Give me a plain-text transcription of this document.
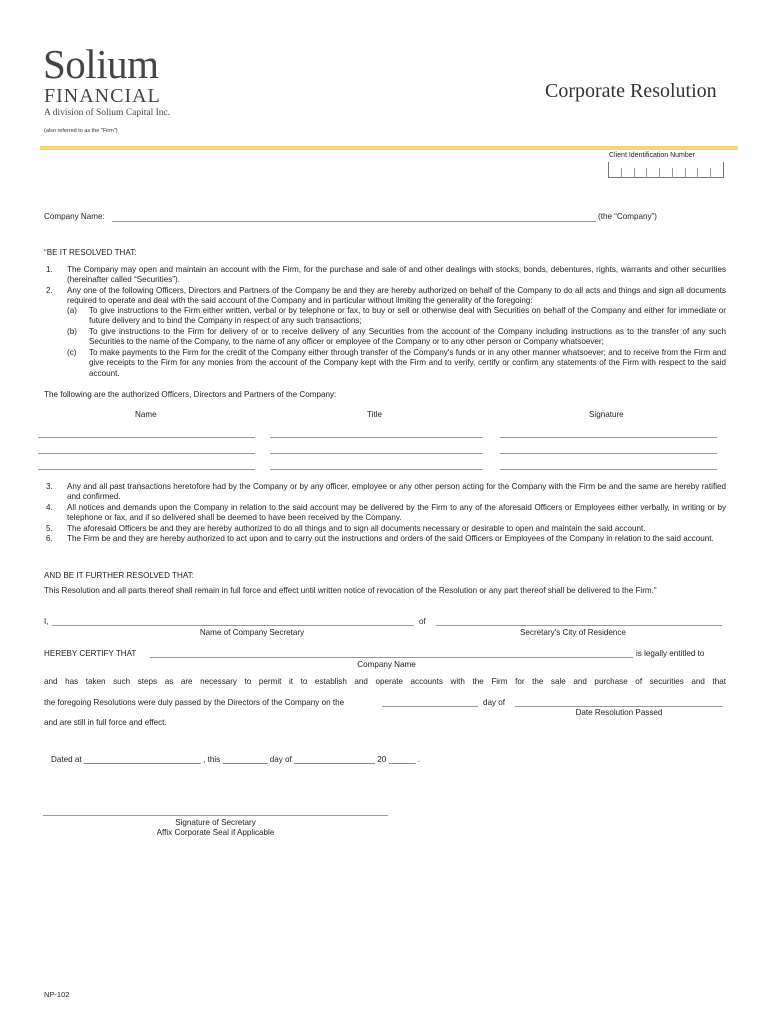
Solium
FINANCIAL
A division of Solium Capital Inc.
(also referred to as the "Firm")
Corporate Resolution
Client Identification Number
Company Name:	(the “Company”)
“BE IT RESOLVED THAT:
1. The Company may open and maintain an account with the Firm, for the purchase and sale of and other dealings with stocks, bonds, debentures, rights, warrants and other securities (hereinafter called “Securities”).
2. Any one of the following Officers, Directors and Partners of the Company be and they are hereby authorized on behalf of the Company to do all acts and things and sign all documents required to operate and deal with the said account of the Company and in particular without limiting the generality of the foregoing:
(a) To give instructions to the Firm either written, verbal or by telephone or fax, to buy or sell or otherwise deal with Securities on behalf of the Company and either for immediate or future delivery and to bind the Company in respect of any such transactions;
(b) To give instructions to the Firm for delivery of or to receive delivery of any Securities from the account of the Company including instructions as to the transfer of any such Securities to the name of the Company, to the name of any officer or employee of the Company or to any other person or Company whatsoever;
(c) To make payments to the Firm for the credit of the Company either through transfer of the Company's funds or in any other manner whatsoever; and to receive from the Firm and give receipts to the Firm for any monies from the account of the Company kept with the Firm and to verify, certify or confirm any statements of the Firm with respect to the said account.
The following are the authorized Officers, Directors and Partners of the Company:
Name	Title	Signature
3. Any and all past transactions heretofore had by the Company or by any officer, employee or any other person acting for the Company with the Firm be and the same are hereby ratified and confirmed.
4. All notices and demands upon the Company in relation to the said account may be delivered by the Firm to any of the aforesaid Officers or Employees either verbally, in writing or by telephone or fax, and if so delivered shall be deemed to have been received by the Company.
5. The aforesaid Officers be and they are hereby authorized to do all things and to sign all documents necessary or desirable to open and maintain the said account.
6. The Firm be and they are hereby authorized to act upon and to carry out the instructions and orders of the said Officers or Employees of the Company in relation to the said account.
AND BE IT FURTHER RESOLVED THAT:
This Resolution and all parts thereof shall remain in full force and effect until written notice of revocation of the Resolution or any part thereof shall be delivered to the Firm.”
I,	of
Name of Company Secretary	Secretary's City of Residence
HEREBY CERTIFY THAT	is legally entitled to
Company Name
and has taken such steps as are necessary to permit it to establish and operate accounts with the Firm for the sale and purchase of securities and that
the foregoing Resolutions were duly passed by the Directors of the Company on the	day of
Date Resolution Passed
and are still in full force and effect.
Dated at __________________________ , this __________ day of __________________ 20 ______ .
Signature of Secretary
Affix Corporate Seal if Applicable
NP-102
